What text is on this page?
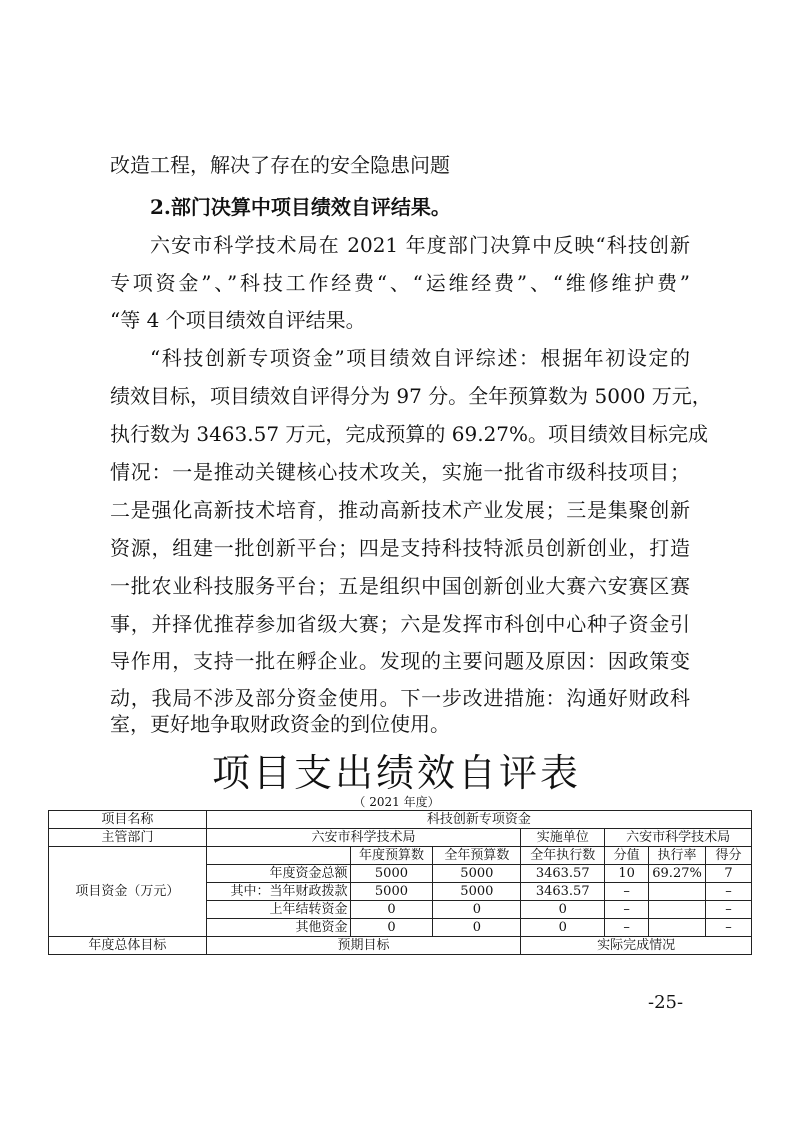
改造工程，解决了存在的安全隐患问题
2.部门决算中项目绩效自评结果。
六安市科学技术局在 2021 年度部门决算中反映“科技创新
专项资金”、”科技工作经费“、“运维经费”、“维修维护费”
“等 4 个项目绩效自评结果。
“科技创新专项资金”项目绩效自评综述：根据年初设定的
绩效目标，项目绩效自评得分为 97 分。全年预算数为 5000 万元，
执行数为 3463.57 万元，完成预算的 69.27%。项目绩效目标完成
情况：一是推动关键核心技术攻关，实施一批省市级科技项目；
二是强化高新技术培育，推动高新技术产业发展；三是集聚创新
资源，组建一批创新平台；四是支持科技特派员创新创业，打造
一批农业科技服务平台；五是组织中国创新创业大赛六安赛区赛
事，并择优推荐参加省级大赛；六是发挥市科创中心种子资金引
导作用，支持一批在孵企业。发现的主要问题及原因：因政策变
动，我局不涉及部分资金使用。下一步改进措施：沟通好财政科
室，更好地争取财政资金的到位使用。
项目支出绩效自评表
（ 2021 年度）
项目名称	科技创新专项资金						
主管部门	六安市科学技术局			实施单位	六安市科学技术局		
项目资金（万元）		年度预算数	全年预算数	全年执行数	分值	执行率	得分
	年度资金总额	5000	5000	3463.57	10	69.27%	7
	其中：当年财政拨款	5000	5000	3463.57	–		–
	上年结转资金	0	0	0	–		–
	其他资金	0	0	0	–		–
年度总体目标	预期目标			实际完成情况			
-25-
